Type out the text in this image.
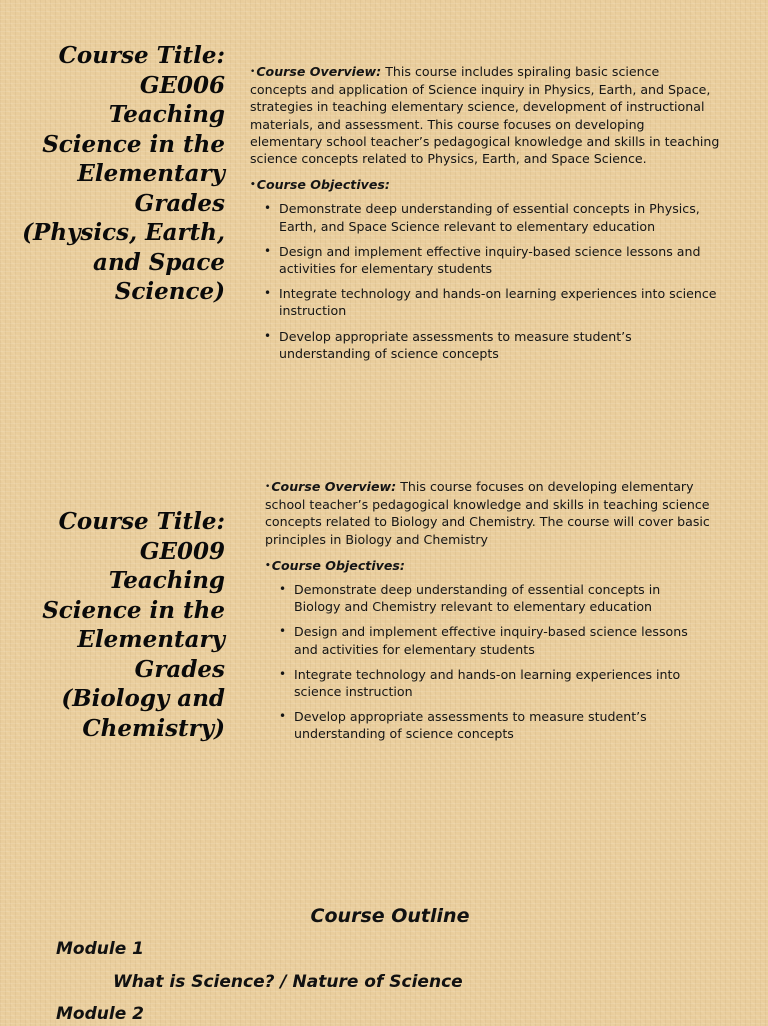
Course Title: GE006 Teaching Science in the Elementary Grades (Physics, Earth, and Space Science)

•Course Overview: This course includes spiraling basic science concepts and application of Science inquiry in Physics, Earth, and Space, strategies in teaching elementary science, development of instructional materials, and assessment. This course focuses on developing elementary school teacher’s pedagogical knowledge and skills in teaching science concepts related to Physics, Earth, and Space Science.

•Course Objectives:

• Demonstrate deep understanding of essential concepts in Physics, Earth, and Space Science relevant to elementary education
• Design and implement effective inquiry-based science lessons and activities for elementary students
• Integrate technology and hands-on learning experiences into science instruction
• Develop appropriate assessments to measure student’s understanding of science concepts
Course Title: GE009 Teaching Science in the Elementary Grades (Biology and Chemistry)

•Course Overview: This course focuses on developing elementary school teacher’s pedagogical knowledge and skills in teaching science concepts related to Biology and Chemistry. The course will cover basic principles in Biology and Chemistry

•Course Objectives:

• Demonstrate deep understanding of essential concepts in Biology and Chemistry relevant to elementary education
• Design and implement effective inquiry-based science lessons and activities for elementary students
• Integrate technology and hands-on learning experiences into science instruction
• Develop appropriate assessments to measure student’s understanding of science concepts
Course Outline
Module 1
What is Science? / Nature of Science
Module 2
